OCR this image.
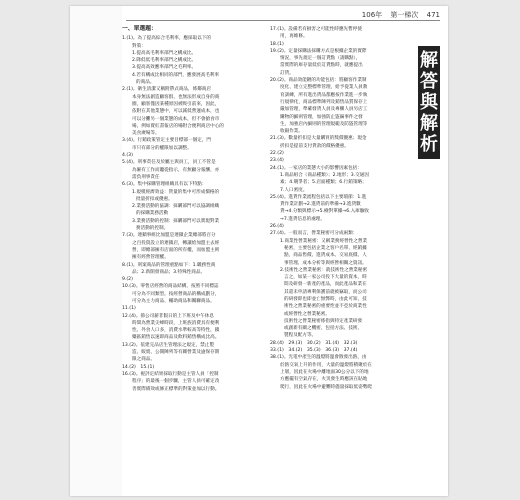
106年 第一梯次 471
解
答
與
解
析
一、單選題：
1.(1)。為了提高綜合毛利率，應採取以下的
對策：
1.提高高毛利率部門之構成比。
2.降低低毛利率部門之構成比。
3.提高高效應率部門之毛利率。
4.若有構成比相同的部門，應發展高毛利率
的商品。
2.(1)。衛生清潔又稱附帶式商品，係鄰商店
本身無法創造顧客群，也無法形成自身的商
圈，顧客僅因某種原因被吸引前來，因此，
依附在其他業態中，可以減低營運成本，也
可以分攤另一個業態的成本，但不會搶食市
場，例如賣紅書報店的場附合便利商店中心的
美食廣場等。
3.(4)。行銷政策管定主要目標部一個定，門
市只有部分的權限加以調整。
4.(3)
5.(4)。刑事責任及於屬主與員工，員工不管是
為僱有工作而聽從指示，有無顧分報酬，亦
需負刑事責任
6.(3)。集中採購管理組織具有以下特點：
1.規模經濟效益：貨量的集中可形成價格的
批量折扣或優惠。
2.業務活動的協調：採購部門可以協調組織
的採購業務活動
3.業務活動的控制：採購部門可以實現對業
務活動的控制。
7.(3)。連鎖事組比加盟是連鎖企業總部將百分
之百投資設立的連鎖店，轉讓給加盟主去經
營，即總部擁有店面的所有權，而加盟主則
擁有經營管理權。
8.(1)。刑案商品的管理重點如下：1.職務性商
品；2.新開發商品；3.特殊性商品。
9.(2)
10.(3)。零售店經營的商品結構，按照不同標誌
可分為不同類型。按經營商品的構成劃分，
可分為主力商品、輔助商品和關聯商品。
11.(1)
12.(4)。節公司薪非假日的上下班及中午休息
時間為營業尖峰時段，上班族消費具有便利
性、外食人口多，消費水準較高等特性，鎖
藥區銷售以速即商品及飲料銷售構成比高。
13.(2)。依建完品店生管理法之規定，禁止製
造、販賣、公開陳列等有關營業及逾保存期
限之商品。
14.(2)　15.(1)
16.(3)。視評定結果採取行動是主管人員「控制
程序」的最後一個步驟，主管人員可確定改
善實際績效或修正標準的對策並加以行動。
17.(1)。設備若有損害之可能性時應先暫停使
用，再維修。
18.(1)
19.(2)。定量採購法採購方式是根據企業的實際
情況，事先規定一個訂貨點（請購點），
當實際的庫存量低於訂貨點時，就應提出
訂貨。
20.(2)。商品效能鏈的功能包括：將顧客作業制
度化、建立完整標準管理，給予從業人員教
育訓練，所有進出貨品都應按作業進一步執
行規律化，商品標準陳列及銷售品質保存上
嚴加管理，準確發貨人員及專櫃人員另店工
購物的細則管理，加強防止盜竊事件之發
生，加強店內細則的管理規範及防盜管理等
收銀作業。
21.(3)。數量折扣是大量購買的獎價優惠；現金
折扣是提前支付貨款的價格優惠。
22.(2)
23.(4)
24.(1)。一家店的業態大小的影響因素包括：
1.商品組合（商品種類）；2.地形；3.交通因
素；4.競爭者；5.店面種類；6.行銷策略；
7.人口密度。
25.(4)。進貨作業流程包括以下主要環節：1.進
貨作業計劃→2.進貨前的準備→3.進貨數
貨→4.分類與標示→5.檢對單據→6.入庫驗收
→7.進貨信息的處理。
26.(4)
27.(4)。一般而言，營業秘密可分成兩類：
1.商業性營業秘密：又稱業務經營性之營業
秘密，主要包括企業之客戶名單，經銷據
點，商品售價、進貨成本、交易底價、人
事管理、成本分析等與經營相關之資訊。
2.技術性之營業秘密：就技術性之營業秘密
言之，如某一家公司投下大量的資本，時
間及研發一新產的產品，而此產品和業在
其還未申請專利保護前就被竊取，而公司
的研發即也即並亡無弊時，由此可知，技
術性之營業秘密的重要性並不亞於商業性
或經營性之營業秘密。
技術性之營業秘密係指與特定產業研發
或創新有關之機密，包括方法、技術、
製程及配方等。
28.(4)　29.(3)　30.(2)　31.(4)　32.(3)
33.(1)　34.(2)　35.(3)　36.(3)　37.(4)
38.(1)。光電中產生的溫燈將溫會散發出熱，由
於熱交氧上升的作用，大量的溫燈將積聚於在
上層，因此在火場中離地面30公分以下的地
方應擺有空氣存在，火災發生時應該在貼地
爬行，因此在火場中避難時儘量採取低姿勢爬
